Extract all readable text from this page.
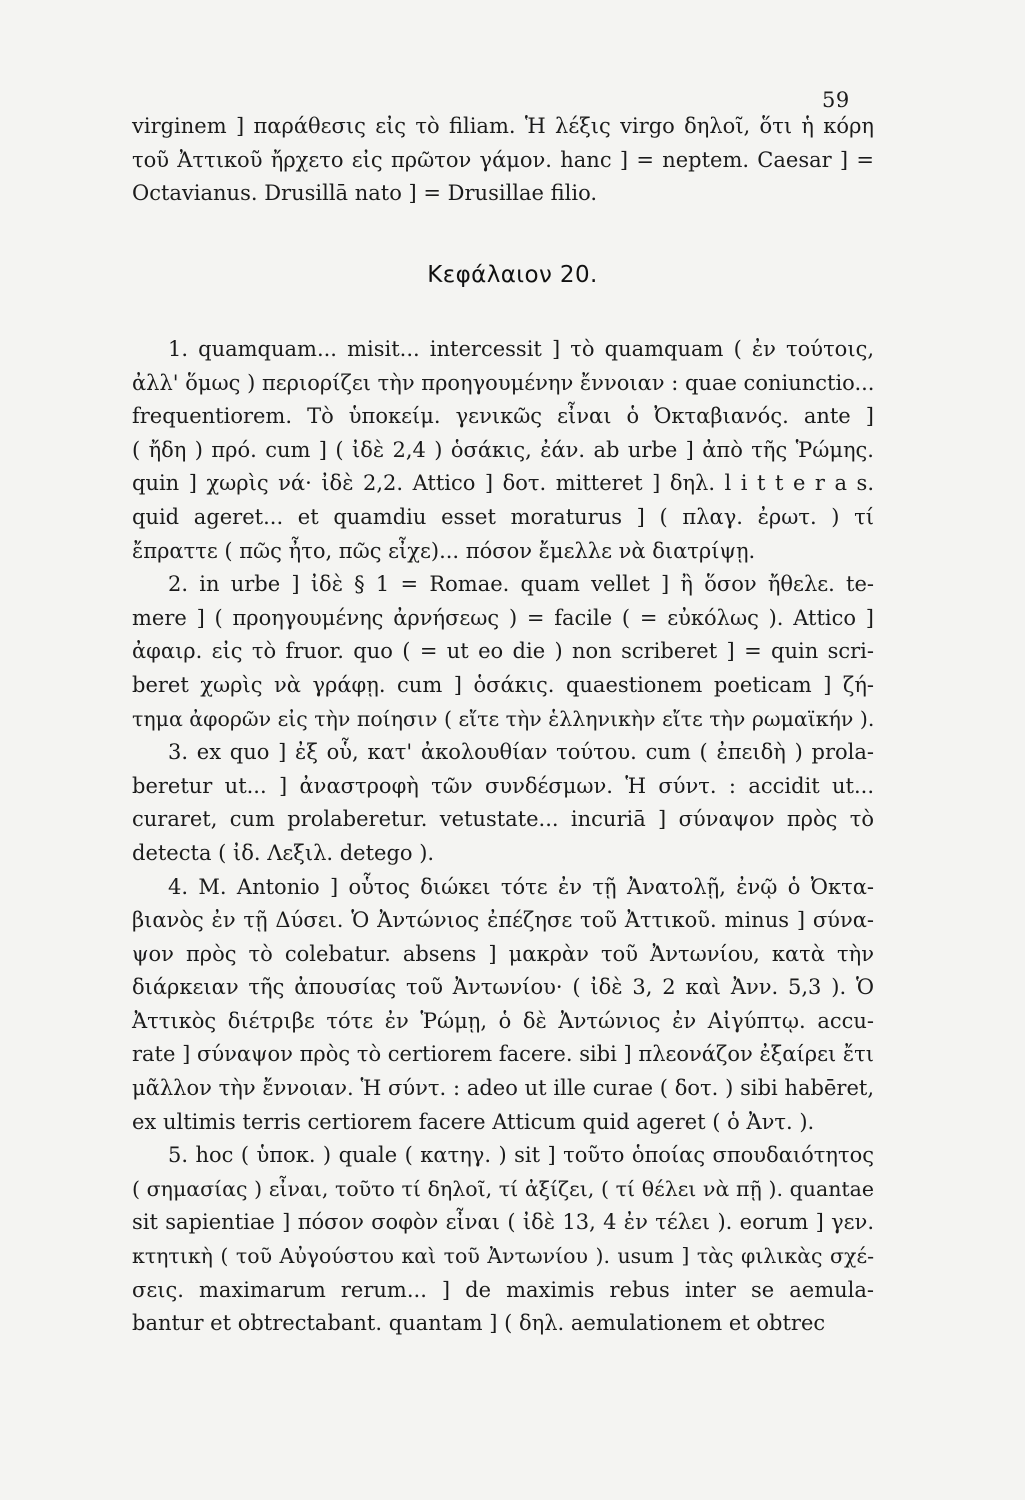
59
virginem ] παράθεσις εἰς τὸ filiam. Ἡ λέξις virgo δηλοῖ, ὅτι ἡ κόρη
τοῦ Ἀττικοῦ ἤρχετο εἰς πρῶτον γάμον. hanc ] = neptem. Caesar ] =
Octavianus. Drusillā nato ] = Drusillae filio.
Κεφάλαιον 20.
1. quamquam... misit... intercessit ] τὸ quamquam ( ἐν τούτοις,
ἀλλ' ὅμως ) περιορίζει τὴν προηγουμένην ἔννοιαν : quae coniunctio...
frequentiorem. Τὸ ὑποκείμ. γενικῶς εἶναι ὁ Ὀκταβιανός. ante ]
( ἤδη ) πρό. cum ] ( ἰδὲ 2,4 ) ὁσάκις, ἐάν. ab urbe ] ἀπὸ τῆς Ῥώμης.
quin ] χωρὶς νά· ἰδὲ 2,2. Attico ] δοτ. mitteret ] δηλ. l i t t e r a s.
quid ageret... et quamdiu esset moraturus ] ( πλαγ. ἐρωτ. ) τί
ἔπραττε ( πῶς ἦτο, πῶς εἶχε)... πόσον ἔμελλε νὰ διατρίψῃ.
2. in urbe ] ἰδὲ § 1 = Romae. quam vellet ] ἢ ὅσον ἤθελε. te-
mere ] ( προηγουμένης ἀρνήσεως ) = facile ( = εὐκόλως ). Attico ]
ἀφαιρ. εἰς τὸ fruor. quo ( = ut eo die ) non scriberet ] = quin scri-
beret χωρὶς νὰ γράφῃ. cum ] ὁσάκις. quaestionem poeticam ] ζή-
τημα ἀφορῶν εἰς τὴν ποίησιν ( εἴτε τὴν ἑλληνικὴν εἴτε τὴν ρωμαϊκήν ).
3. ex quo ] ἐξ οὗ, κατ' ἀκολουθίαν τούτου. cum ( ἐπειδὴ ) prola-
beretur ut... ] ἀναστροφὴ τῶν συνδέσμων. Ἡ σύντ. : accidit ut...
curaret, cum prolaberetur. vetustate... incuriā ] σύναψον πρὸς τὸ
detecta ( ἰδ. Λεξιλ. detego ).
4. M. Antonio ] οὗτος διώκει τότε ἐν τῇ Ἀνατολῇ, ἐνῷ ὁ Ὀκτα-
βιανὸς ἐν τῇ Δύσει. Ὁ Ἀντώνιος ἐπέζησε τοῦ Ἀττικοῦ. minus ] σύνα-
ψον πρὸς τὸ colebatur. absens ] μακρὰν τοῦ Ἀντωνίου, κατὰ τὴν
διάρκειαν τῆς ἀπουσίας τοῦ Ἀντωνίου· ( ἰδὲ 3, 2 καὶ Ἀνν. 5,3 ). Ὁ
Ἀττικὸς διέτριβε τότε ἐν Ῥώμῃ, ὁ δὲ Ἀντώνιος ἐν Αἰγύπτῳ. accu-
rate ] σύναψον πρὸς τὸ certiorem facere. sibi ] πλεονάζον ἐξαίρει ἔτι
μᾶλλον τὴν ἔννοιαν. Ἡ σύντ. : adeo ut ille curae ( δοτ. ) sibi habēret,
ex ultimis terris certiorem facere Atticum quid ageret ( ὁ Ἀντ. ).
5. hoc ( ὑποκ. ) quale ( κατηγ. ) sit ] τοῦτο ὁποίας σπουδαιότητος
( σημασίας ) εἶναι, τοῦτο τί δηλοῖ, τί ἀξίζει, ( τί θέλει νὰ πῇ ). quantae
sit sapientiae ] πόσον σοφὸν εἶναι ( ἰδὲ 13, 4 ἐν τέλει ). eorum ] γεν.
κτητικὴ ( τοῦ Αὐγούστου καὶ τοῦ Ἀντωνίου ). usum ] τὰς φιλικὰς σχέ-
σεις. maximarum rerum... ] de maximis rebus inter se aemula-
bantur et obtrectabant. quantam ] ( δηλ. aemulationem et obtrec
